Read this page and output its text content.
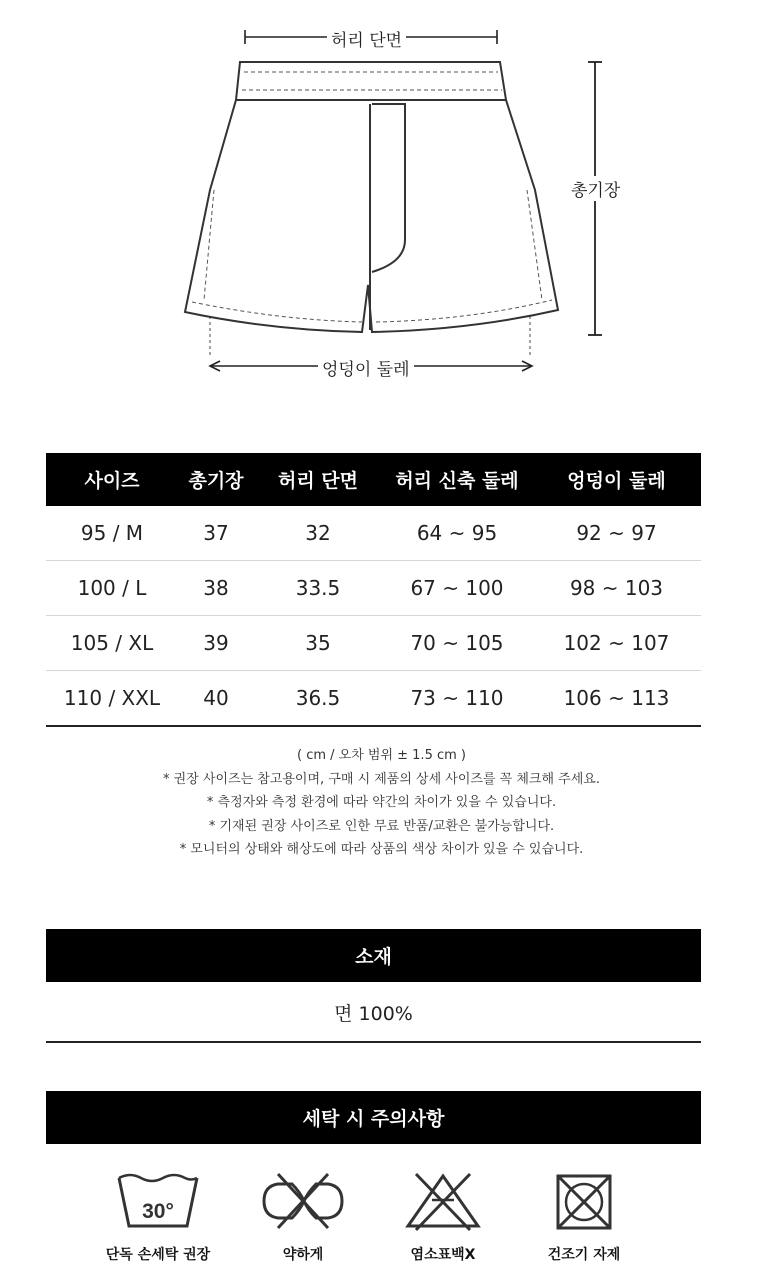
허리 단면
총기장
엉덩이 둘레
사이즈	총기장	허리 단면	허리 신축 둘레	엉덩이 둘레
95 / M	37	32	64 ~ 95	92 ~ 97
100 / L	38	33.5	67 ~ 100	98 ~ 103
105 / XL	39	35	70 ~ 105	102 ~ 107
110 / XXL	40	36.5	73 ~ 110	106 ~ 113
( cm / 오차 범위 ± 1.5 cm )
* 권장 사이즈는 참고용이며, 구매 시 제품의 상세 사이즈를 꼭 체크해 주세요.
* 측정자와 측정 환경에 따라 약간의 차이가 있을 수 있습니다.
* 기재된 권장 사이즈로 인한 무료 반품/교환은 불가능합니다.
* 모니터의 상태와 해상도에 따라 상품의 색상 차이가 있을 수 있습니다.
소재
면 100%
세탁 시 주의사항
30°
단독 손세탁 권장	약하게	염소표백X	건조기 자제
